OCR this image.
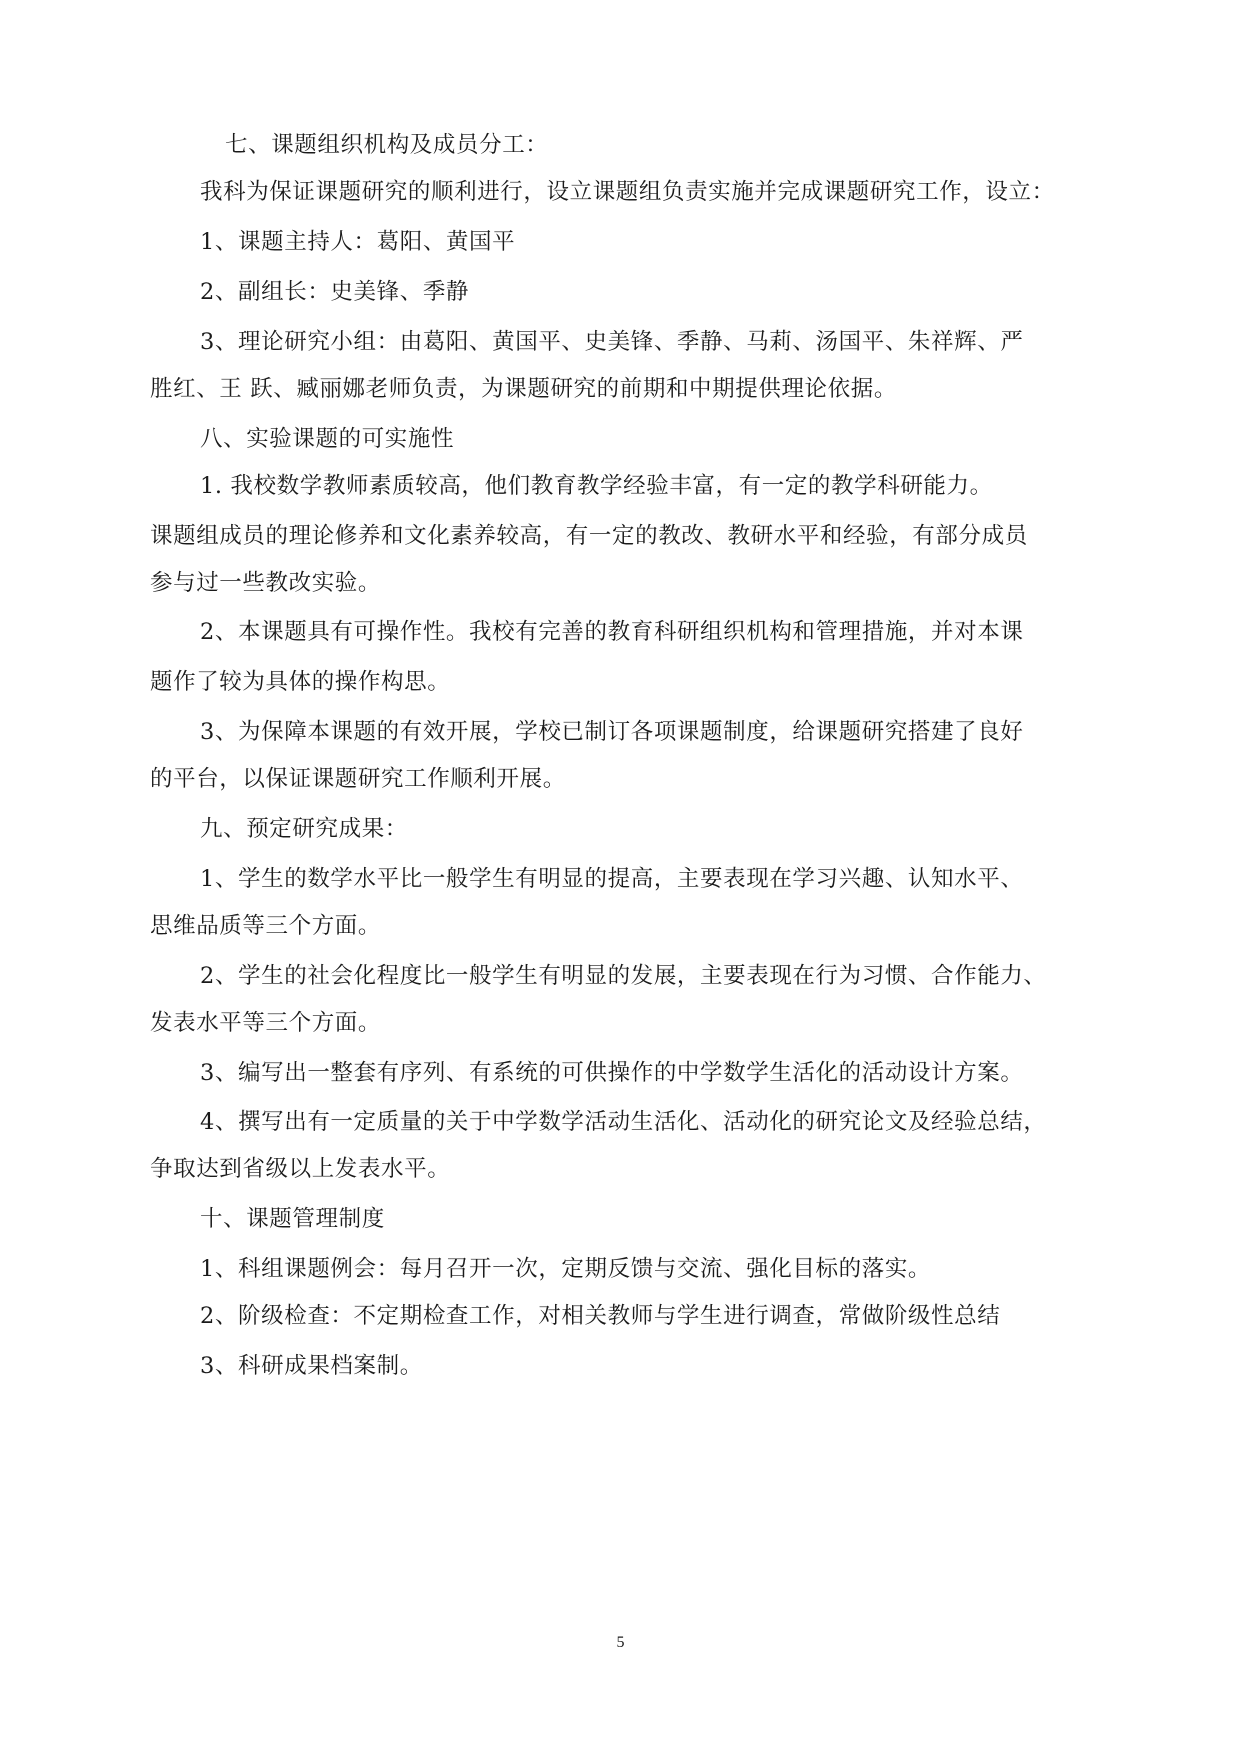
七、课题组织机构及成员分工：
我科为保证课题研究的顺利进行，设立课题组负责实施并完成课题研究工作，设立：
1、课题主持人：葛阳、黄国平
2、副组长：史美锋、季静
3、理论研究小组：由葛阳、黄国平、史美锋、季静、马莉、汤国平、朱祥辉、严
胜红、王 跃、臧丽娜老师负责，为课题研究的前期和中期提供理论依据。
八、实验课题的可实施性
1. 我校数学教师素质较高，他们教育教学经验丰富，有一定的教学科研能力。
课题组成员的理论修养和文化素养较高，有一定的教改、教研水平和经验，有部分成员
参与过一些教改实验。
2、本课题具有可操作性。我校有完善的教育科研组织机构和管理措施，并对本课
题作了较为具体的操作构思。
3、为保障本课题的有效开展，学校已制订各项课题制度，给课题研究搭建了良好
的平台，以保证课题研究工作顺利开展。
九、预定研究成果：
1、学生的数学水平比一般学生有明显的提高，主要表现在学习兴趣、认知水平、
思维品质等三个方面。
2、学生的社会化程度比一般学生有明显的发展，主要表现在行为习惯、合作能力、
发表水平等三个方面。
3、编写出一整套有序列、有系统的可供操作的中学数学生活化的活动设计方案。
4、撰写出有一定质量的关于中学数学活动生活化、活动化的研究论文及经验总结，
争取达到省级以上发表水平。
十、课题管理制度
1、科组课题例会：每月召开一次，定期反馈与交流、强化目标的落实。
2、阶级检查：不定期检查工作，对相关教师与学生进行调查，常做阶级性总结
3、科研成果档案制。
5
